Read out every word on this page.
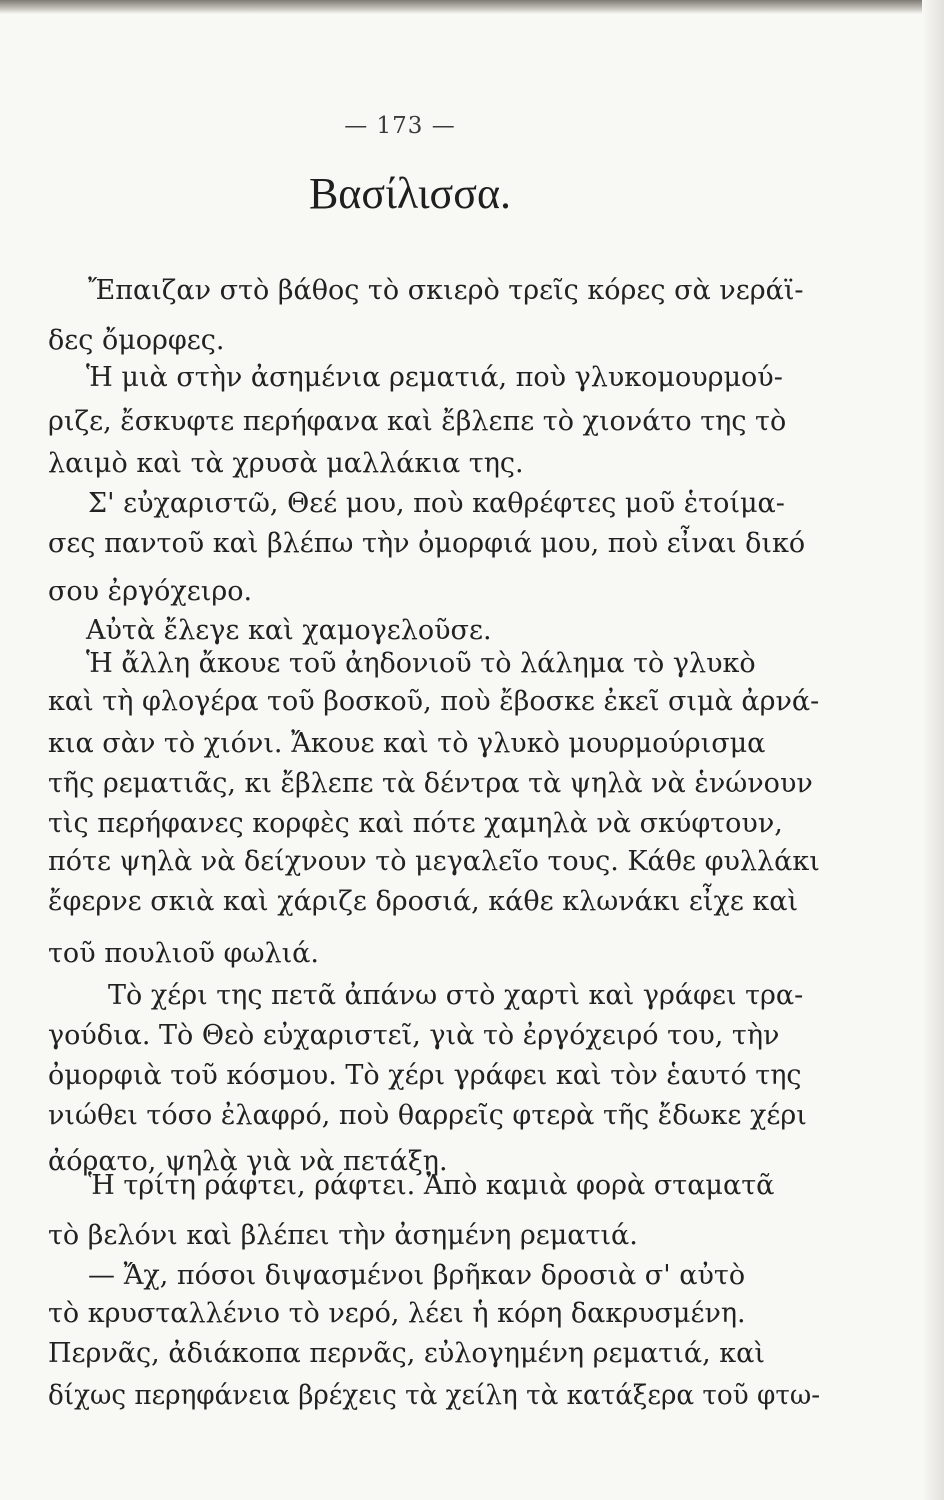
— 173 —
Βασίλισσα.
Ἔπαιζαν στὸ βάθος τὸ σκιερὸ τρεῖς κόρες σὰ νεράϊ-
δες ὄμορφες.
Ἡ μιὰ στὴν ἀσημένια ρεματιά, ποὺ γλυκομουρμού-
ριζε, ἔσκυφτε περήφανα καὶ ἔβλεπε τὸ χιονάτο της τὸ
λαιμὸ καὶ τὰ χρυσὰ μαλλάκια της.
Σ' εὐχαριστῶ, Θεέ μου, ποὺ καθρέφτες μοῦ ἑτοίμα-
σες παντοῦ καὶ βλέπω τὴν ὀμορφιά μου, ποὺ εἶναι δικό
σου ἐργόχειρο.
Αὐτὰ ἔλεγε καὶ χαμογελοῦσε.
Ἡ ἄλλη ἄκουε τοῦ ἀηδονιοῦ τὸ λάλημα τὸ γλυκὸ
καὶ τὴ φλογέρα τοῦ βοσκοῦ, ποὺ ἔβοσκε ἐκεῖ σιμὰ ἀρνά-
κια σὰν τὸ χιόνι. Ἄκουε καὶ τὸ γλυκὸ μουρμούρισμα
τῆς ρεματιᾶς, κι ἔβλεπε τὰ δέντρα τὰ ψηλὰ νὰ ἑνώνουν
τὶς περήφανες κορφὲς καὶ πότε χαμηλὰ νὰ σκύφτουν,
πότε ψηλὰ νὰ δείχνουν τὸ μεγαλεῖο τους. Κάθε φυλλάκι
ἔφερνε σκιὰ καὶ χάριζε δροσιά, κάθε κλωνάκι εἶχε καὶ
τοῦ πουλιοῦ φωλιά.
Τὸ χέρι της πετᾶ ἀπάνω στὸ χαρτὶ καὶ γράφει τρα-
γούδια. Τὸ Θεὸ εὐχαριστεῖ, γιὰ τὸ ἐργόχειρό του, τὴν
ὀμορφιὰ τοῦ κόσμου. Τὸ χέρι γράφει καὶ τὸν ἑαυτό της
νιώθει τόσο ἐλαφρό, ποὺ θαρρεῖς φτερὰ τῆς ἔδωκε χέρι
ἀόρατο, ψηλὰ γιὰ νὰ πετάξῃ.
Ἡ τρίτη ράφτει, ράφτει. Ἀπὸ καμιὰ φορὰ σταματᾶ
τὸ βελόνι καὶ βλέπει τὴν ἀσημένη ρεματιά.
— Ἄχ, πόσοι διψασμένοι βρῆκαν δροσιὰ σ' αὐτὸ
τὸ κρυσταλλένιο τὸ νερό, λέει ἡ κόρη δακρυσμένη.
Περνᾶς, ἀδιάκοπα περνᾶς, εὐλογημένη ρεματιά, καὶ
δίχως περηφάνεια βρέχεις τὰ χείλη τὰ κατάξερα τοῦ φτω-
